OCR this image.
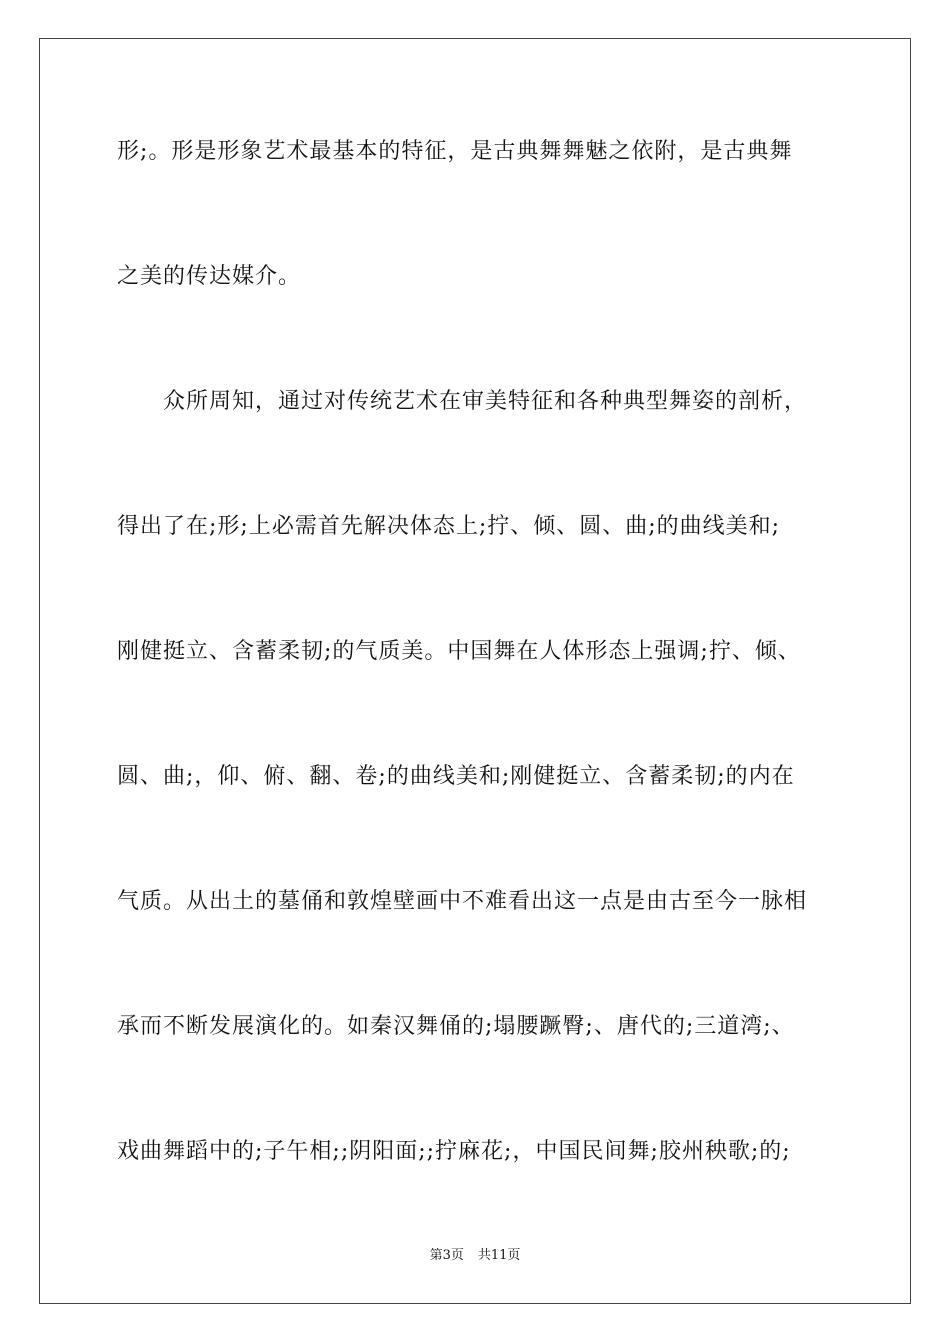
形;。形是形象艺术最基本的特征，是古典舞舞魅之依附，是古典舞
之美的传达媒介。
众所周知，通过对传统艺术在审美特征和各种典型舞姿的剖析，
得出了在;形;上必需首先解决体态上;拧、倾、圆、曲;的曲线美和;
刚健挺立、含蓄柔韧;的气质美。中国舞在人体形态上强调;拧、倾、
圆、曲;，仰、俯、翻、卷;的曲线美和;刚健挺立、含蓄柔韧;的内在
气质。从出土的墓俑和敦煌壁画中不难看出这一点是由古至今一脉相
承而不断发展演化的。如秦汉舞俑的;塌腰蹶臀;、唐代的;三道湾;、
戏曲舞蹈中的;子午相;;阴阳面;;拧麻花;，中国民间舞;胶州秧歌;的;
第3页 共11页
